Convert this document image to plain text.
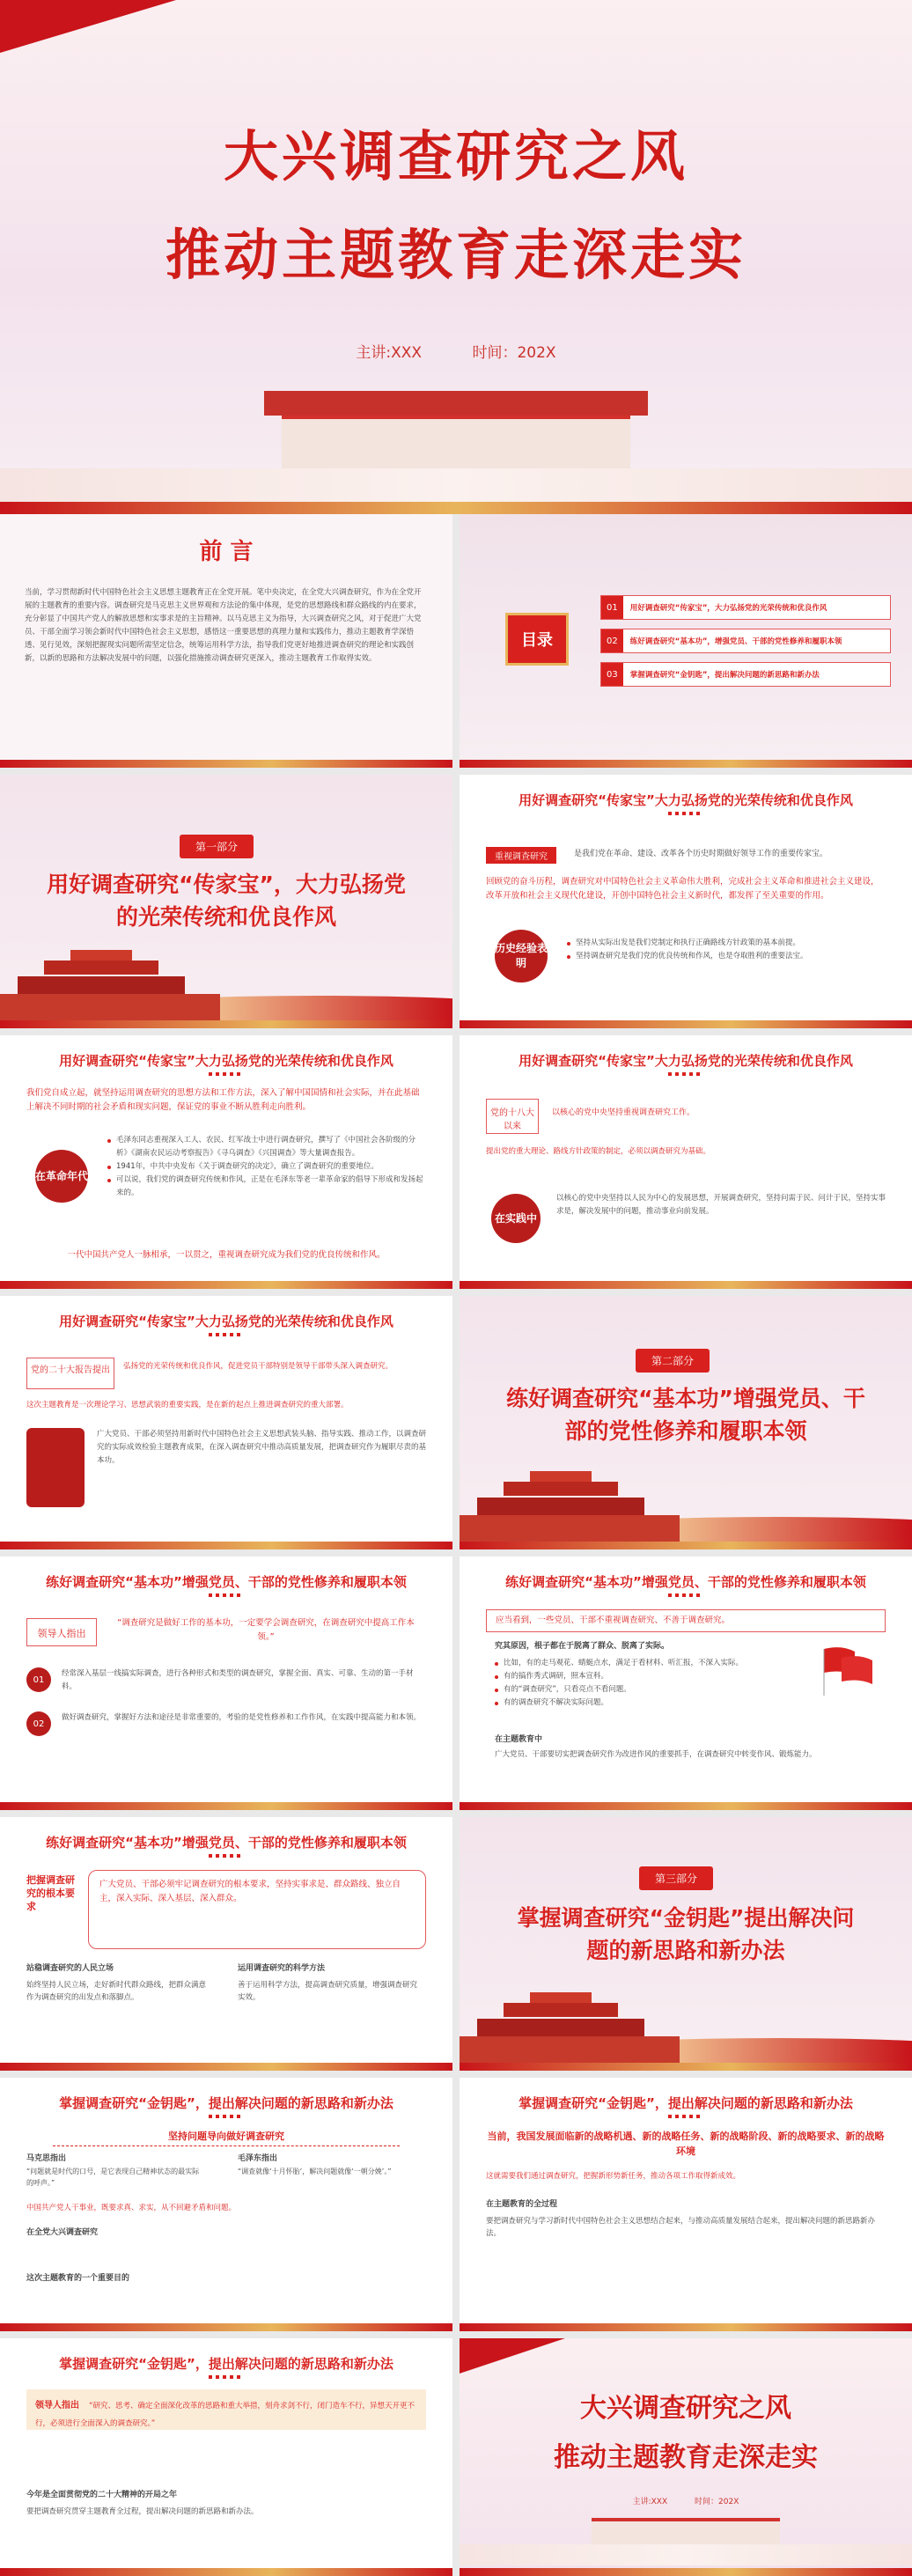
大兴调查研究之风
推动主题教育走深走实
主讲:XXX	时间：202X
前 言
当前，学习贯彻新时代中国特色社会主义思想主题教育正在全党开展。笔中央决定，在全党大兴调查研究，作为在全党开展的主题教育的重要内容。调查研究是马克思主义世界观和方法论的集中体现，是党的思想路线和群众路线的内在要求，充分彰显了中国共产党人的解放思想和实事求是的主旨精神。以马克思主义为指导，大兴调查研究之风，对于促进广大党员、干部全面学习领会新时代中国特色社会主义思想，感悟这一重要思想的真理力量和实践伟力，推动主题教育学深悟透、见行见效，深刻把握现实问题所需坚定信念，统筹运用科学方法，指导我们党更好地推进调查研究的理论和实践创新，以新的思路和方法解决发展中的问题，以强化措施推动调查研究更深入，推动主题教育工作取得实效。
目录
01	用好调查研究“传家宝”，大力弘扬党的光荣传统和优良作风
02	练好调查研究“基本功”，增强党员、干部的党性修养和履职本领
03	掌握调查研究“金钥匙”，提出解决问题的新思路和新办法
第一部分
用好调查研究“传家宝”，大力弘扬党的光荣传统和优良作风
用好调查研究“传家宝”大力弘扬党的光荣传统和优良作风
重视调查研究	是我们党在革命、建设、改革各个历史时期做好领导工作的重要传家宝。
回顾党的奋斗历程，调查研究对中国特色社会主义革命伟大胜利，完成社会主义革命和推进社会主义建设，改革开放和社会主义现代化建设，开创中国特色社会主义新时代，都发挥了至关重要的作用。
历史经验表明
坚持从实际出发是我们党制定和执行正确路线方针政策的基本前提。
坚持调查研究是我们党的优良传统和作风，也是夺取胜利的重要法宝。
用好调查研究“传家宝”大力弘扬党的光荣传统和优良作风
我们党自成立起，就坚持运用调查研究的思想方法和工作方法，深入了解中国国情和社会实际，并在此基础上解决不同时期的社会矛盾和现实问题，保证党的事业不断从胜利走向胜利。
在革命年代
毛泽东同志重视深入工人、农民、红军战士中进行调查研究，撰写了《中国社会各阶级的分析》《湖南农民运动考察报告》《寻乌调查》《兴国调查》等大量调查报告。
1941年，中共中央发布《关于调查研究的决定》，确立了调查研究的重要地位。
可以说，我们党的调查研究传统和作风，正是在毛泽东等老一辈革命家的倡导下形成和发扬起来的。
一代中国共产党人一脉相承，一以贯之，重视调查研究成为我们党的优良传统和作风。
用好调查研究“传家宝”大力弘扬党的光荣传统和优良作风
党的十八大以来
以核心的党中央坚持重视调查研究工作。
提出党的重大理论、路线方针政策的制定，必须以调查研究为基础。
在实践中
以核心的党中央坚持以人民为中心的发展思想，开展调查研究，坚持问需于民、问计于民，坚持实事求是，解决发展中的问题，推动事业向前发展。
用好调查研究“传家宝”大力弘扬党的光荣传统和优良作风
党的二十大报告提出	弘扬党的光荣传统和优良作风，促进党员干部特别是领导干部带头深入调查研究。
这次主题教育是一次理论学习、思想武装的重要实践，是在新的起点上推进调查研究的重大部署。
广大党员、干部必须坚持用新时代中国特色社会主义思想武装头脑、指导实践、推动工作，以调查研究的实际成效检验主题教育成果，在深入调查研究中推动高质量发展，把调查研究作为履职尽责的基本功。
第二部分
练好调查研究“基本功”增强党员、干部的党性修养和履职本领
练好调查研究“基本功”增强党员、干部的党性修养和履职本领
领导人指出
“调查研究是做好工作的基本功，一定要学会调查研究，在调查研究中提高工作本领。”
01
经常深入基层一线搞实际调查，进行各种形式和类型的调查研究，掌握全面、真实、可靠、生动的第一手材料。
02
做好调查研究，掌握好方法和途径是非常重要的，考验的是党性修养和工作作风，在实践中提高能力和本领。
练好调查研究“基本功”增强党员、干部的党性修养和履职本领
应当看到，一些党员、干部不重视调查研究、不善于调查研究。
究其原因，根子都在于脱离了群众、脱离了实际。
比如，有的走马观花、蜻蜓点水，满足于看材料、听汇报，不深入实际。
有的搞作秀式调研，照本宣科。
有的“调查研究”，只看亮点不看问题。
有的调查研究不解决实际问题。
在主题教育中
广大党员、干部要切实把调查研究作为改进作风的重要抓手，在调查研究中转变作风、锻炼能力。
练好调查研究“基本功”增强党员、干部的党性修养和履职本领
把握调查研究的根本要求
广大党员、干部必须牢记调查研究的根本要求，坚持实事求是、群众路线、独立自主，深入实际、深入基层、深入群众。
站稳调查研究的人民立场
始终坚持人民立场，走好新时代群众路线，把群众满意作为调查研究的出发点和落脚点。
运用调查研究的科学方法
善于运用科学方法，提高调查研究质量，增强调查研究实效。
第三部分
掌握调查研究“金钥匙”提出解决问题的新思路和新办法
掌握调查研究“金钥匙”，提出解决问题的新思路和新办法
坚持问题导向做好调查研究
马克思指出
“问题就是时代的口号，是它表现自己精神状态的最实际的呼声。”
毛泽东指出
“调查就像‘十月怀胎’，解决问题就像‘一朝分娩’。”
中国共产党人干事业，既要求真、求实，从不回避矛盾和问题。
在全党大兴调查研究
这次主题教育的一个重要目的
掌握调查研究“金钥匙”，提出解决问题的新思路和新办法
当前，我国发展面临新的战略机遇、新的战略任务、新的战略阶段、新的战略要求、新的战略环境
这就需要我们通过调查研究，把握新形势新任务，推动各项工作取得新成效。
在主题教育的全过程
要把调查研究与学习新时代中国特色社会主义思想结合起来，与推动高质量发展结合起来，提出解决问题的新思路新办法。
掌握调查研究“金钥匙”，提出解决问题的新思路和新办法
领导人指出 “研究、思考、确定全面深化改革的思路和重大举措，刻舟求剑不行，闭门造车不行，异想天开更不行，必须进行全面深入的调查研究。”
今年是全面贯彻党的二十大精神的开局之年
要把调查研究贯穿主题教育全过程，提出解决问题的新思路和新办法。
大兴调查研究之风
推动主题教育走深走实
主讲:XXX	时间：202X
